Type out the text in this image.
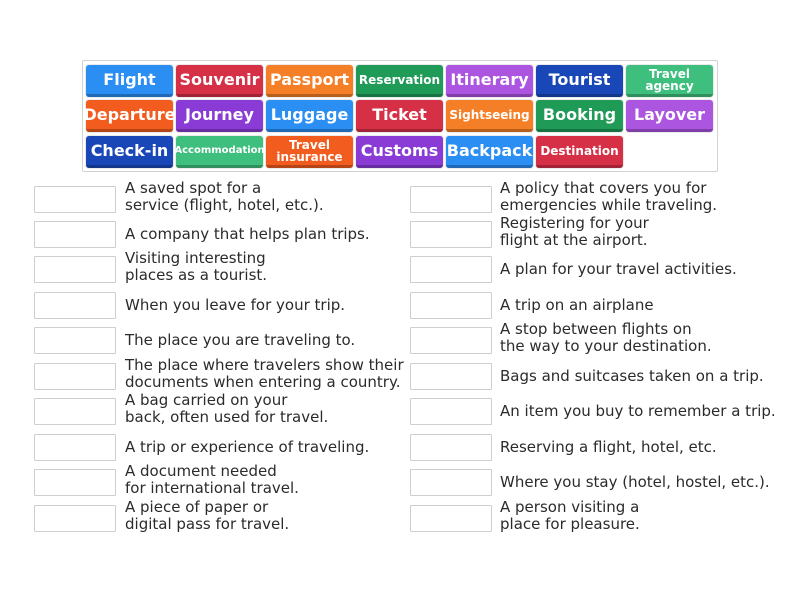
Flight	Souvenir Passport Reservation Itinerary	Tourist	Travel agency
Departure Journey	Luggage	Ticket	Sightseeing Booking	Layover
Check-in Accommodation	Travel insurance	Customs Backpack Destination
A saved spot for a
service (flight, hotel, etc.).
A company that helps plan trips.
Visiting interesting
places as a tourist.
When you leave for your trip.
The place you are traveling to.
The place where travelers show their
documents when entering a country.
A bag carried on your
back, often used for travel.
A trip or experience of traveling.
A document needed
for international travel.
A piece of paper or
digital pass for travel.
A policy that covers you for
emergencies while traveling.
Registering for your
flight at the airport.
A plan for your travel activities.
A trip on an airplane
A stop between flights on
the way to your destination.
Bags and suitcases taken on a trip.
An item you buy to remember a trip.
Reserving a flight, hotel, etc.
Where you stay (hotel, hostel, etc.).
A person visiting a
place for pleasure.
